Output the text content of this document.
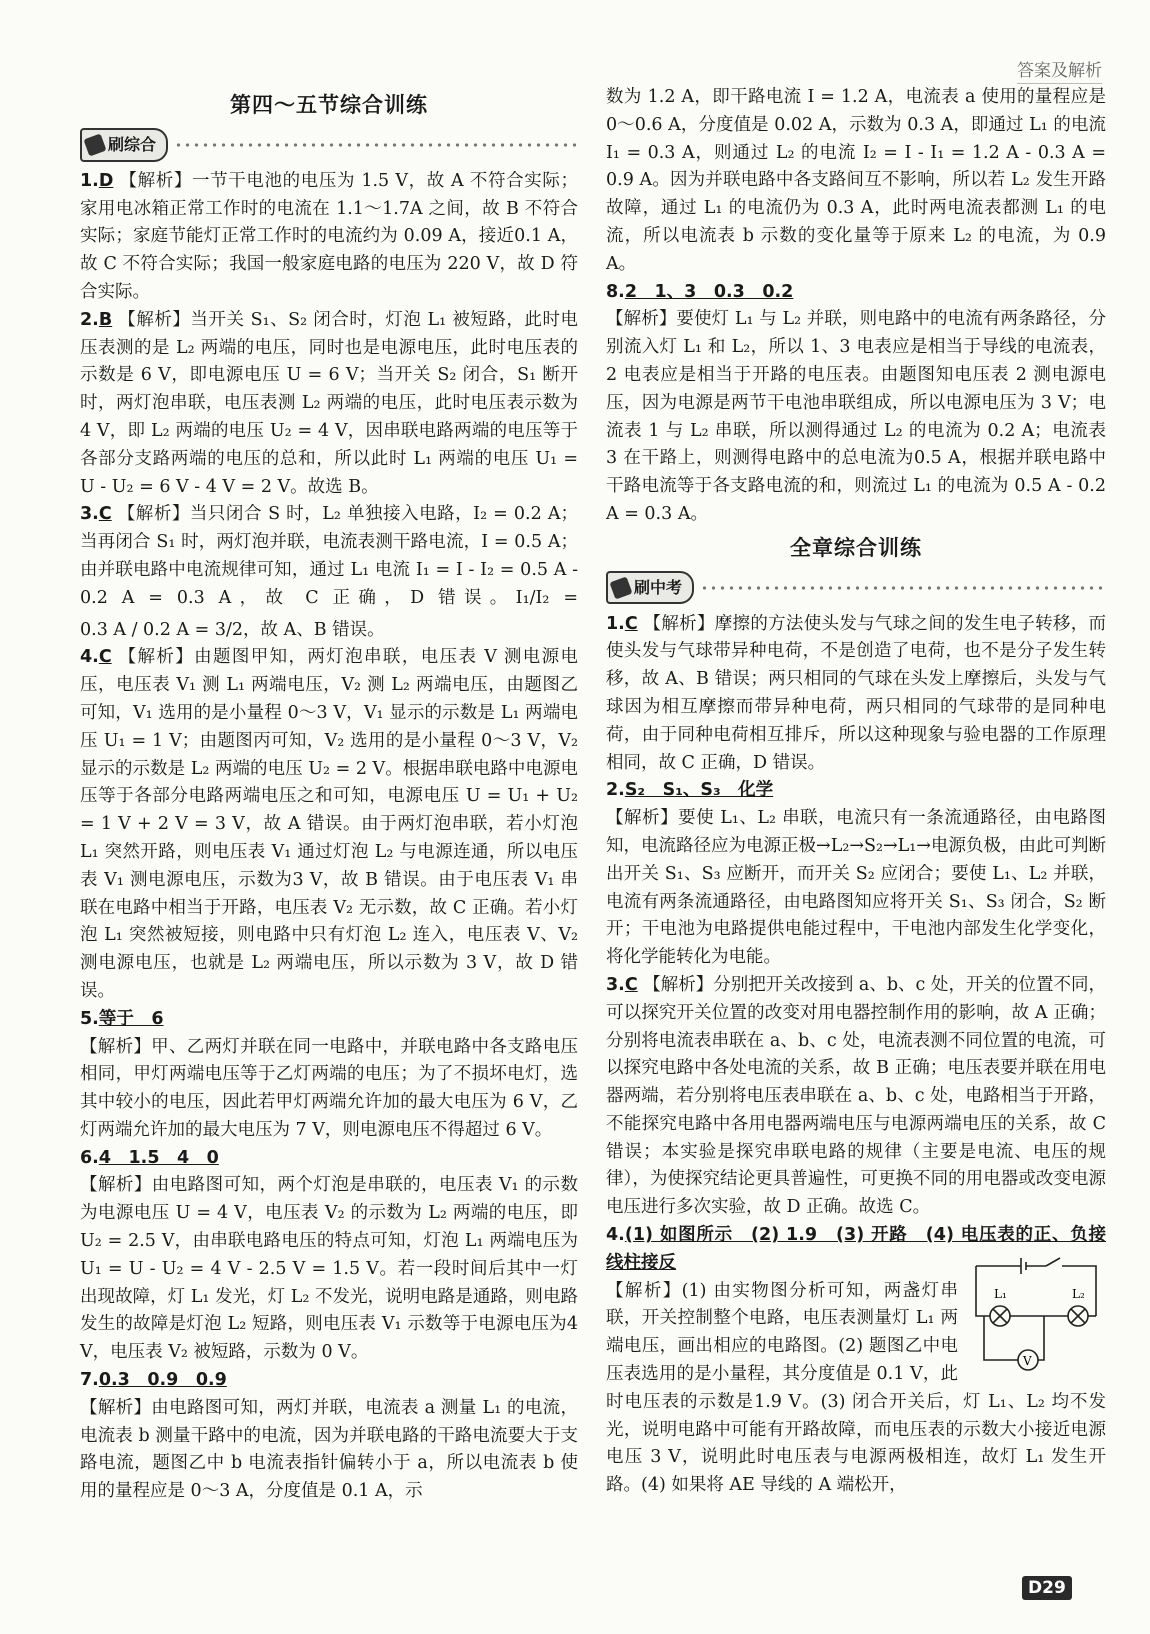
答案及解析
第四～五节综合训练
刷综合

1.D 【解析】一节干电池的电压为 1.5 V，故 A 不符合实际；家用电冰箱正常工作时的电流在 1.1～1.7A 之间，故 B 不符合实际；家庭节能灯正常工作时的电流约为 0.09 A，接近0.1 A，故 C 不符合实际；我国一般家庭电路的电压为 220 V，故 D 符合实际。

2.B 【解析】当开关 S₁、S₂ 闭合时，灯泡 L₁ 被短路，此时电压表测的是 L₂ 两端的电压，同时也是电源电压，此时电压表的示数是 6 V，即电源电压 U = 6 V；当开关 S₂ 闭合，S₁ 断开时，两灯泡串联，电压表测 L₂ 两端的电压，此时电压表示数为 4 V，即 L₂ 两端的电压 U₂ = 4 V，因串联电路两端的电压等于各部分支路两端的电压的总和，所以此时 L₁ 两端的电压 U₁ = U - U₂ = 6 V - 4 V = 2 V。故选 B。

3.C 【解析】当只闭合 S 时，L₂ 单独接入电路，I₂ = 0.2 A；当再闭合 S₁ 时，两灯泡并联，电流表测干路电流，I = 0.5 A；由并联电路中电流规律可知，通过 L₁ 电流 I₁ = I - I₂ = 0.5 A - 0.2 A = 0.3 A，故 C 正确，D 错误。I₁/I₂ = 0.3 A / 0.2 A = 3/2，故 A、B 错误。

4.C 【解析】由题图甲知，两灯泡串联，电压表 V 测电源电压，电压表 V₁ 测 L₁ 两端电压，V₂ 测 L₂ 两端电压，由题图乙可知，V₁ 选用的是小量程 0～3 V，V₁ 显示的示数是 L₁ 两端电压 U₁ = 1 V；由题图丙可知，V₂ 选用的是小量程 0～3 V，V₂ 显示的示数是 L₂ 两端的电压 U₂ = 2 V。根据串联电路中电源电压等于各部分电路两端电压之和可知，电源电压 U = U₁ + U₂ = 1 V + 2 V = 3 V，故 A 错误。由于两灯泡串联，若小灯泡 L₁ 突然开路，则电压表 V₁ 通过灯泡 L₂ 与电源连通，所以电压表 V₁ 测电源电压，示数为3 V，故 B 错误。由于电压表 V₁ 串联在电路中相当于开路，电压表 V₂ 无示数，故 C 正确。若小灯泡 L₁ 突然被短接，则电路中只有灯泡 L₂ 连入，电压表 V、V₂ 测电源电压，也就是 L₂ 两端电压，所以示数为 3 V，故 D 错误。

5.等于　6
【解析】甲、乙两灯并联在同一电路中，并联电路中各支路电压相同，甲灯两端电压等于乙灯两端的电压；为了不损坏电灯，选其中较小的电压，因此若甲灯两端允许加的最大电压为 6 V，乙灯两端允许加的最大电压为 7 V，则电源电压不得超过 6 V。

6.4　1.5　4　0
【解析】由电路图可知，两个灯泡是串联的，电压表 V₁ 的示数为电源电压 U = 4 V，电压表 V₂ 的示数为 L₂ 两端的电压，即 U₂ = 2.5 V，由串联电路电压的特点可知，灯泡 L₁ 两端电压为 U₁ = U - U₂ = 4 V - 2.5 V = 1.5 V。若一段时间后其中一灯出现故障，灯 L₁ 发光，灯 L₂ 不发光，说明电路是通路，则电路发生的故障是灯泡 L₂ 短路，则电压表 V₁ 示数等于电源电压为4 V，电压表 V₂ 被短路，示数为 0 V。

7.0.3　0.9　0.9
【解析】由电路图可知，两灯并联，电流表 a 测量 L₁ 的电流，电流表 b 测量干路中的电流，因为并联电路的干路电流要大于支路电流，题图乙中 b 电流表指针偏转小于 a，所以电流表 b 使用的量程应是 0～3 A，分度值是 0.1 A，示

数为 1.2 A，即干路电流 I = 1.2 A，电流表 a 使用的量程应是 0～0.6 A，分度值是 0.02 A，示数为 0.3 A，即通过 L₁ 的电流 I₁ = 0.3 A，则通过 L₂ 的电流 I₂ = I - I₁ = 1.2 A - 0.3 A = 0.9 A。因为并联电路中各支路间互不影响，所以若 L₂ 发生开路故障，通过 L₁ 的电流仍为 0.3 A，此时两电流表都测 L₁ 的电流，所以电流表 b 示数的变化量等于原来 L₂ 的电流，为 0.9 A。

8.2　1、3　0.3　0.2
【解析】要使灯 L₁ 与 L₂ 并联，则电路中的电流有两条路径，分别流入灯 L₁ 和 L₂，所以 1、3 电表应是相当于导线的电流表，2 电表应是相当于开路的电压表。由题图知电压表 2 测电源电压，因为电源是两节干电池串联组成，所以电源电压为 3 V；电流表 1 与 L₂ 串联，所以测得通过 L₂ 的电流为 0.2 A；电流表 3 在干路上，则测得电路中的总电流为0.5 A，根据并联电路中干路电流等于各支路电流的和，则流过 L₁ 的电流为 0.5 A - 0.2 A = 0.3 A。

全章综合训练
刷中考

1.C 【解析】摩擦的方法使头发与气球之间的发生电子转移，而使头发与气球带异种电荷，不是创造了电荷，也不是分子发生转移，故 A、B 错误；两只相同的气球在头发上摩擦后，头发与气球因为相互摩擦而带异种电荷，两只相同的气球带的是同种电荷，由于同种电荷相互排斥，所以这种现象与验电器的工作原理相同，故 C 正确，D 错误。

2.S₂　S₁、S₃　化学
【解析】要使 L₁、L₂ 串联，电流只有一条流通路径，由电路图知，电流路径应为电源正极→L₂→S₂→L₁→电源负极，由此可判断出开关 S₁、S₃ 应断开，而开关 S₂ 应闭合；要使 L₁、L₂ 并联，电流有两条流通路径，由电路图知应将开关 S₁、S₃ 闭合，S₂ 断开；干电池为电路提供电能过程中，干电池内部发生化学变化，将化学能转化为电能。

3.C 【解析】分别把开关改接到 a、b、c 处，开关的位置不同，可以探究开关位置的改变对用电器控制作用的影响，故 A 正确；分别将电流表串联在 a、b、c 处，电流表测不同位置的电流，可以探究电路中各处电流的关系，故 B 正确；电压表要并联在用电器两端，若分别将电压表串联在 a、b、c 处，电路相当于开路，不能探究电路中各用电器两端电压与电源两端电压的关系，故 C 错误；本实验是探究串联电路的规律（主要是电流、电压的规律），为使探究结论更具普遍性，可更换不同的用电器或改变电源电压进行多次实验，故 D 正确。故选 C。

4.(1) 如图所示　(2) 1.9　(3) 开路　(4) 电压表的正、负接线柱接反
L₁	L₂
V
【解析】(1) 由实物图分析可知，两盏灯串联，开关控制整个电路，电压表测量灯 L₁ 两端电压，画出相应的电路图。(2) 题图乙中电压表选用的是小量程，其分度值是 0.1 V，此时电压表的示数是1.9 V。(3) 闭合开关后，灯 L₁、L₂ 均不发光，说明电路中可能有开路故障，而电压表的示数大小接近电源电压 3 V，说明此时电压表与电源两极相连，故灯 L₁ 发生开路。(4) 如果将 AE 导线的 A 端松开，

D29
